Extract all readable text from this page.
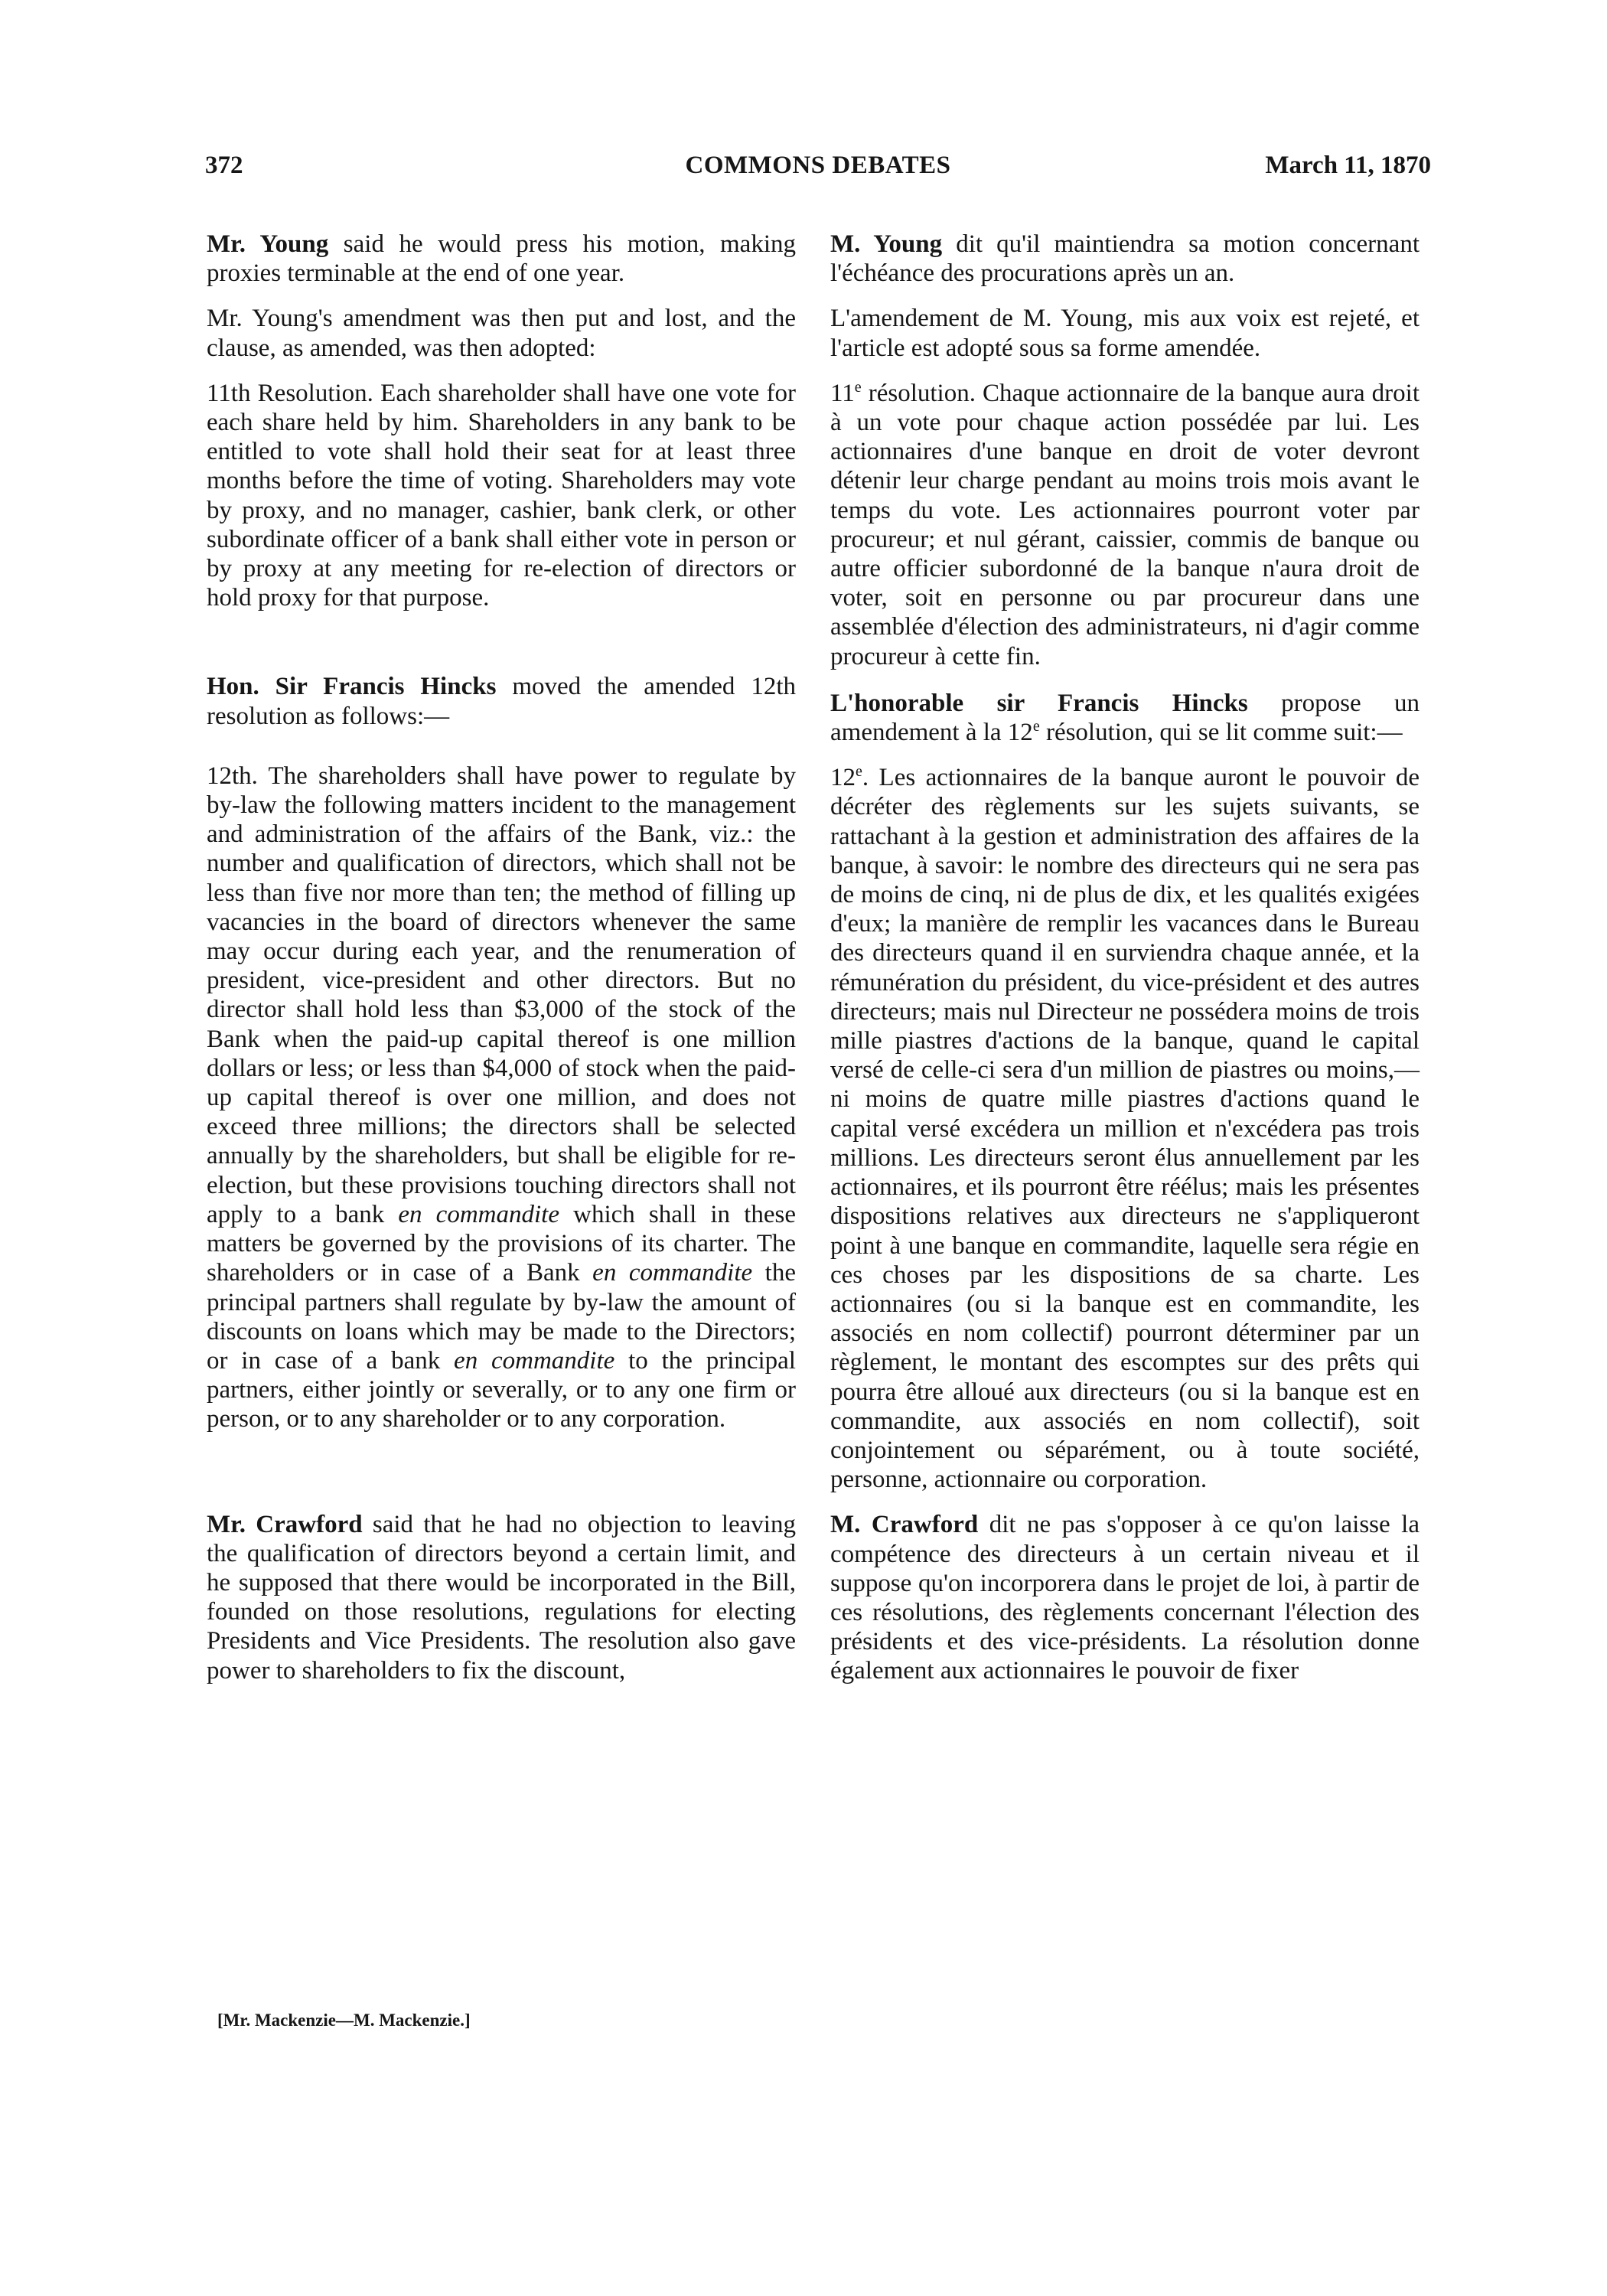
372	COMMONS DEBATES	March 11, 1870

Mr. Young said he would press his motion, making proxies terminable at the end of one year.

Mr. Young's amendment was then put and lost, and the clause, as amended, was then adopted:

11th Resolution. Each shareholder shall have one vote for each share held by him. Shareholders in any bank to be entitled to vote shall hold their seat for at least three months before the time of voting. Shareholders may vote by proxy, and no manager, cashier, bank clerk, or other subordinate officer of a bank shall either vote in person or by proxy at any meeting for re-election of directors or hold proxy for that purpose.

Hon. Sir Francis Hincks moved the amended 12th resolution as follows:—

12th. The shareholders shall have power to regulate by by-law the following matters incident to the management and administration of the affairs of the Bank, viz.: the number and qualification of directors, which shall not be less than five nor more than ten; the method of filling up vacancies in the board of directors whenever the same may occur during each year, and the renumeration of president, vice-president and other directors. But no director shall hold less than $3,000 of the stock of the Bank when the paid-up capital thereof is one million dollars or less; or less than $4,000 of stock when the paid-up capital thereof is over one million, and does not exceed three millions; the directors shall be selected annually by the shareholders, but shall be eligible for re-election, but these provisions touching directors shall not apply to a bank en commandite which shall in these matters be governed by the provisions of its charter. The shareholders or in case of a Bank en commandite the principal partners shall regulate by by-law the amount of discounts on loans which may be made to the Directors; or in case of a bank en commandite to the principal partners, either jointly or severally, or to any one firm or person, or to any shareholder or to any corporation.

Mr. Crawford said that he had no objection to leaving the qualification of directors beyond a certain limit, and he supposed that there would be incorporated in the Bill, founded on those resolutions, regulations for electing Presidents and Vice Presidents. The resolution also gave power to shareholders to fix the discount,

M. Young dit qu'il maintiendra sa motion concernant l'échéance des procurations après un an.

L'amendement de M. Young, mis aux voix est rejeté, et l'article est adopté sous sa forme amendée.

11e résolution. Chaque actionnaire de la banque aura droit à un vote pour chaque action possédée par lui. Les actionnaires d'une banque en droit de voter devront détenir leur charge pendant au moins trois mois avant le temps du vote. Les actionnaires pourront voter par procureur; et nul gérant, caissier, commis de banque ou autre officier subordonné de la banque n'aura droit de voter, soit en personne ou par procureur dans une assemblée d'élection des administrateurs, ni d'agir comme procureur à cette fin.

L'honorable sir Francis Hincks propose un amendement à la 12e résolution, qui se lit comme suit:—

12e. Les actionnaires de la banque auront le pouvoir de décréter des règlements sur les sujets suivants, se rattachant à la gestion et administration des affaires de la banque, à savoir: le nombre des directeurs qui ne sera pas de moins de cinq, ni de plus de dix, et les qualités exigées d'eux; la manière de remplir les vacances dans le Bureau des directeurs quand il en surviendra chaque année, et la rémunération du président, du vice-président et des autres directeurs; mais nul Directeur ne possédera moins de trois mille piastres d'actions de la banque, quand le capital versé de celle-ci sera d'un million de piastres ou moins,—ni moins de quatre mille piastres d'actions quand le capital versé excédera un million et n'excédera pas trois millions. Les directeurs seront élus annuellement par les actionnaires, et ils pourront être réélus; mais les présentes dispositions relatives aux directeurs ne s'appliqueront point à une banque en commandite, laquelle sera régie en ces choses par les dispositions de sa charte. Les actionnaires (ou si la banque est en commandite, les associés en nom collectif) pourront déterminer par un règlement, le montant des escomptes sur des prêts qui pourra être alloué aux directeurs (ou si la banque est en commandite, aux associés en nom collectif), soit conjointement ou séparément, ou à toute société, personne, actionnaire ou corporation.

M. Crawford dit ne pas s'opposer à ce qu'on laisse la compétence des directeurs à un certain niveau et il suppose qu'on incorporera dans le projet de loi, à partir de ces résolutions, des règlements concernant l'élection des présidents et des vice-présidents. La résolution donne également aux actionnaires le pouvoir de fixer

[Mr. Mackenzie—M. Mackenzie.]
